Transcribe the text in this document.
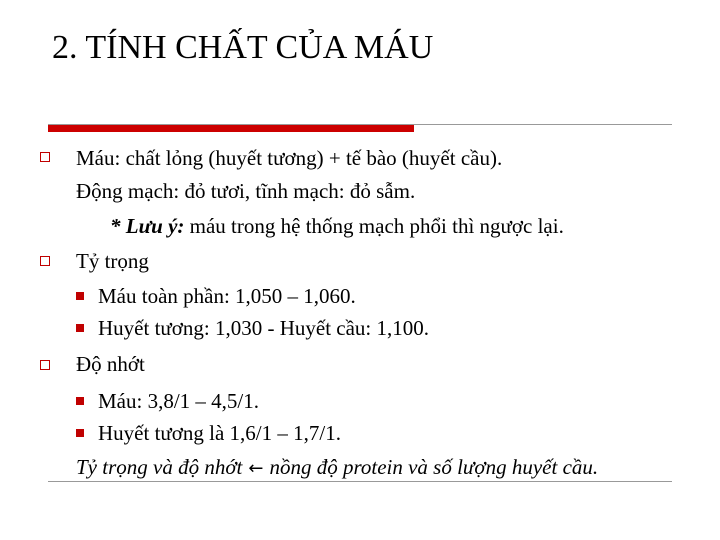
2. TÍNH CHẤT CỦA MÁU
Máu: chất lỏng (huyết tương) + tế bào (huyết cầu).
Động mạch: đỏ tươi, tĩnh mạch: đỏ sẫm.
* Lưu ý: máu trong hệ thống mạch phổi thì ngược lại.
Tỷ trọng
Máu toàn phần: 1,050 – 1,060.
Huyết tương: 1,030 - Huyết cầu: 1,100.
Độ nhớt
Máu: 3,8/1 – 4,5/1.
Huyết tương là 1,6/1 – 1,7/1.
Tỷ trọng và độ nhớt ← nồng độ protein và số lượng huyết cầu.
